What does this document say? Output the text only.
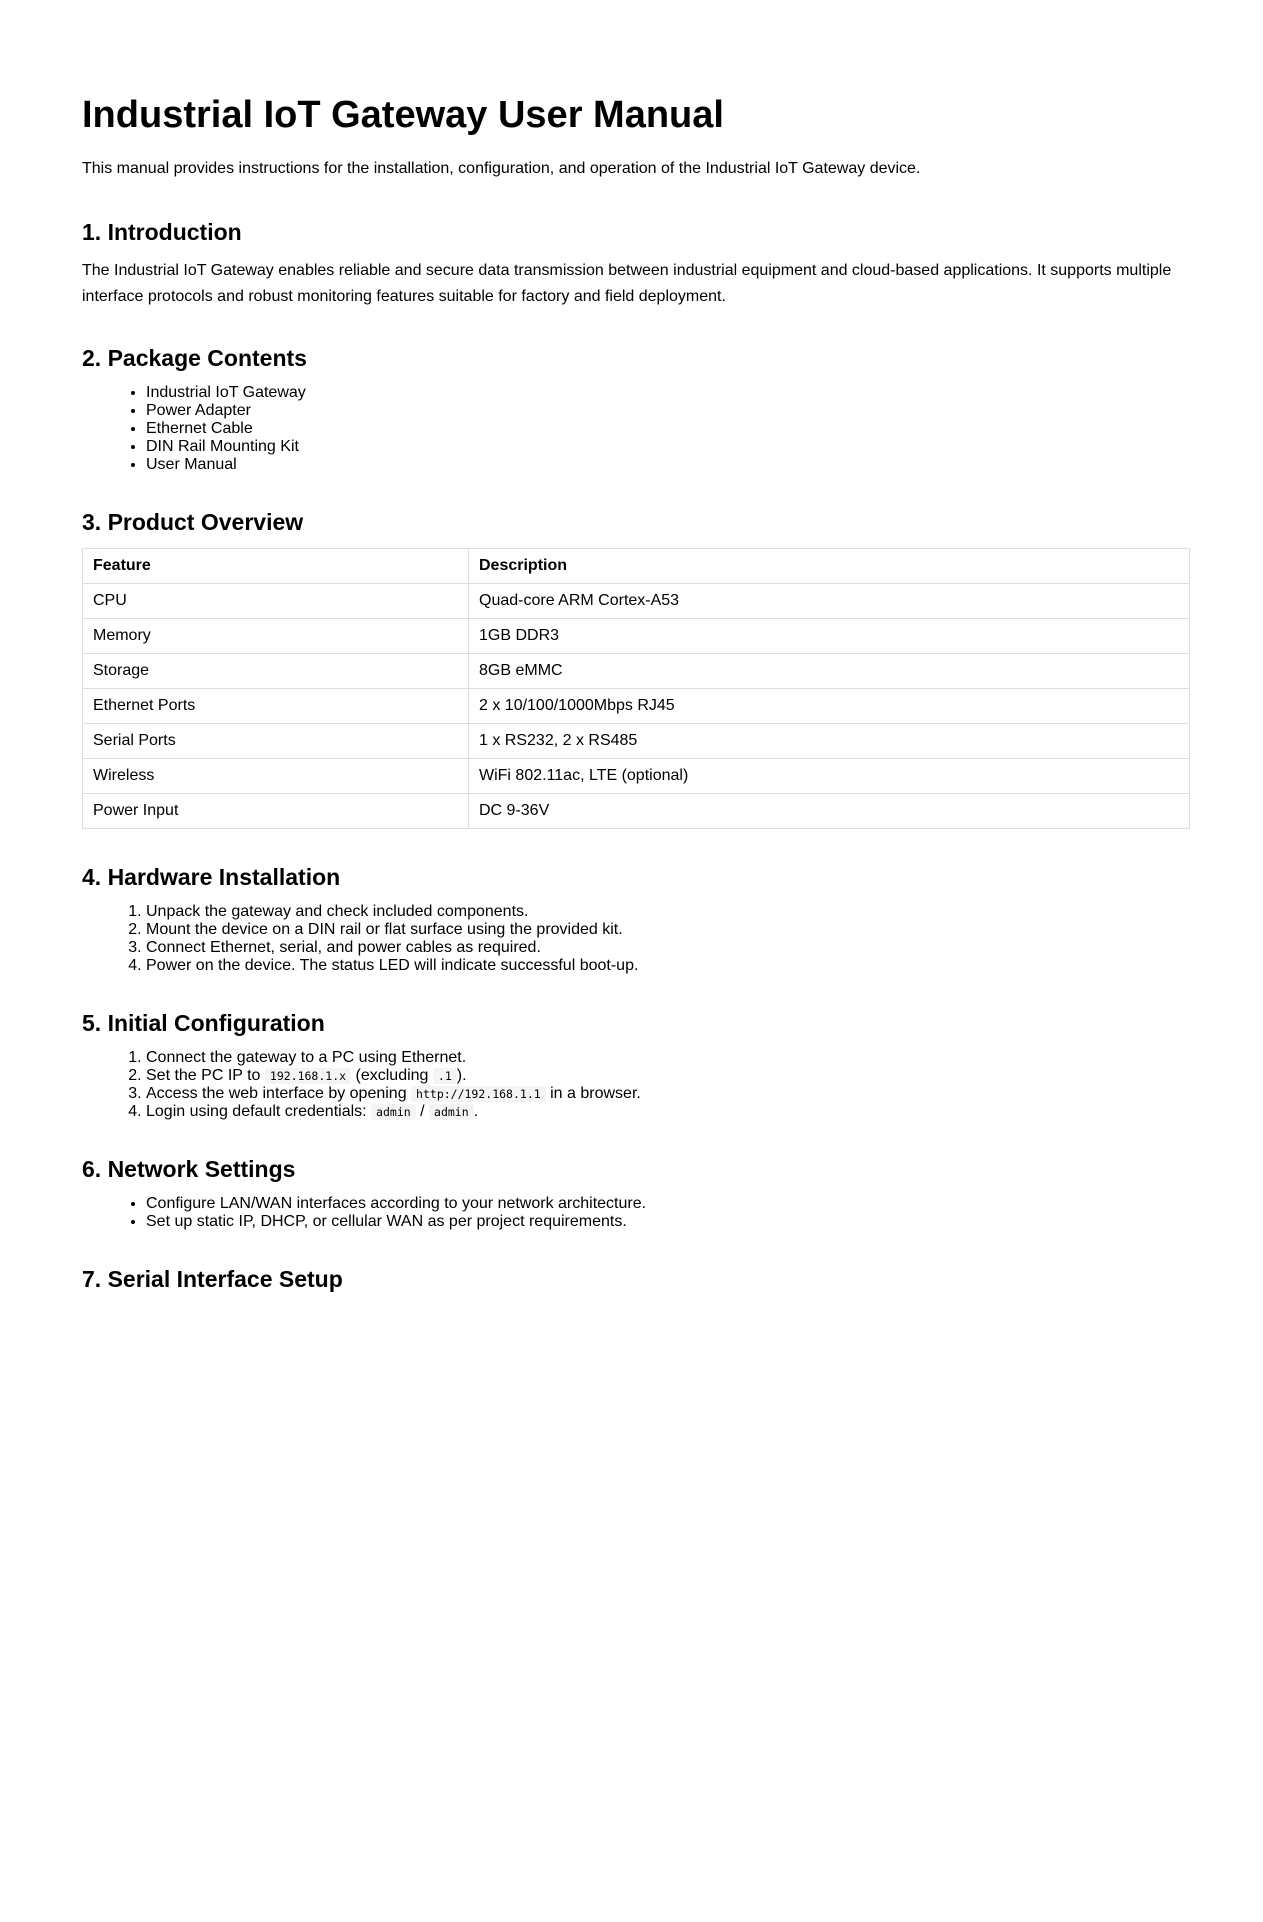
Industrial IoT Gateway User Manual

This manual provides instructions for the installation, configuration, and operation of the Industrial IoT Gateway device.

1. Introduction

The Industrial IoT Gateway enables reliable and secure data transmission between industrial equipment and cloud-based applications. It supports multiple interface protocols and robust monitoring features suitable for factory and field deployment.

2. Package Contents
• Industrial IoT Gateway
• Power Adapter
• Ethernet Cable
• DIN Rail Mounting Kit
• User Manual
3. Product Overview
Feature	Description
CPU	Quad-core ARM Cortex-A53
Memory	1GB DDR3
Storage	8GB eMMC
Ethernet Ports	2 x 10/100/1000Mbps RJ45
Serial Ports	1 x RS232, 2 x RS485
Wireless	WiFi 802.11ac, LTE (optional)
Power Input	DC 9-36V
4. Hardware Installation
1. Unpack the gateway and check included components.
2. Mount the device on a DIN rail or flat surface using the provided kit.
3. Connect Ethernet, serial, and power cables as required.
4. Power on the device. The status LED will indicate successful boot-up.
5. Initial Configuration
1. Connect the gateway to a PC using Ethernet.
2. Set the PC IP to 192.168.1.x (excluding .1 ).
3. Access the web interface by opening http://192.168.1.1 in a browser.
4. Login using default credentials: admin / admin .
6. Network Settings
• Configure LAN/WAN interfaces according to your network architecture.
• Set up static IP, DHCP, or cellular WAN as per project requirements.
7. Serial Interface Setup
